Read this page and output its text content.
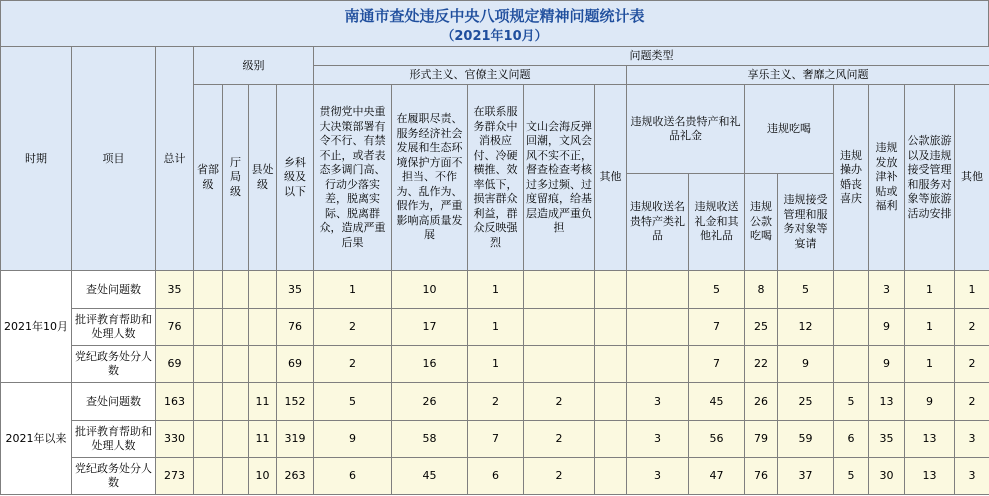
南通市查处违反中央八项规定精神问题统计表
（2021年10月）
时期	项目	总计	级别				问题类型												
							形式主义、官僚主义问题					享乐主义、奢靡之风问题							
			省部级	厅局级	县处级	乡科级及以下	贯彻党中央重大决策部署有令不行、有禁不止，或者表态多调门高、行动少落实差，脱离实际、脱离群众，造成严重后果	在履职尽责、服务经济社会发展和生态环境保护方面不担当、不作为、乱作为、假作为，严重影响高质量发展	在联系服务群众中消极应付、冷硬横推、效率低下，损害群众利益，群众反映强烈	文山会海反弹回潮，文风会风不实不正，督查检查考核过多过频、过度留痕，给基层造成严重负担	其他	违规收送名贵特产和礼品礼金		违规吃喝		违规操办婚丧喜庆	违规发放津补贴或福利	公款旅游以及违规接受管理和服务对象等旅游活动安排	其他
												违规收送名贵特产类礼品	违规收送礼金和其他礼品	违规公款吃喝	违规接受管理和服务对象等宴请				
2021年10月	查处问题数	35				35	1	10	1				5	8	5		3	1	1
	批评教育帮助和处理人数	76				76	2	17	1				7	25	12		9	1	2
	党纪政务处分人数	69				69	2	16	1				7	22	9		9	1	2
2021年以来	查处问题数	163			11	152	5	26	2	2		3	45	26	25	5	13	9	2
	批评教育帮助和处理人数	330			11	319	9	58	7	2		3	56	79	59	6	35	13	3
	党纪政务处分人数	273			10	263	6	45	6	2		3	47	76	37	5	30	13	3
